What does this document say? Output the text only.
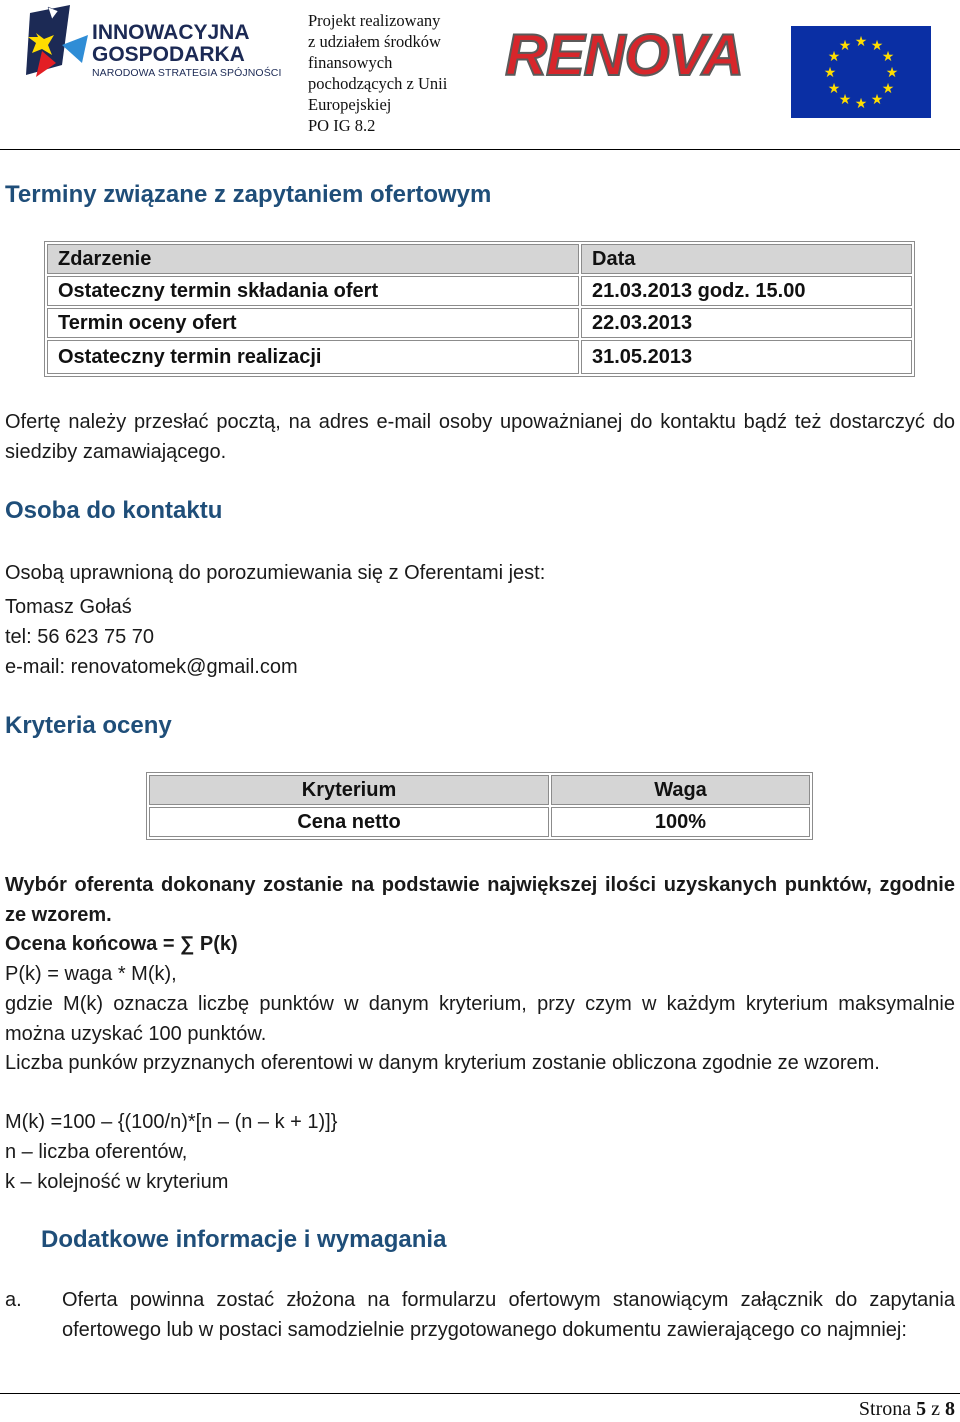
INNOWACYJNA
GOSPODARKA
NARODOWA STRATEGIA SPÓJNOŚCI
Projekt realizowany
z udziałem środków
finansowych
pochodzących z Unii
Europejskiej
PO IG 8.2
RENOVA	★ ★
★
★
★
★
★
★
★
★
★
★
Terminy związane z zapytaniem ofertowym
Zdarzenie	Data
Ostateczny termin składania ofert	21.03.2013 godz. 15.00
Termin oceny ofert	22.03.2013
Ostateczny termin realizacji	31.05.2013
Ofertę należy przesłać pocztą, na adres e-mail osoby upoważnianej do kontaktu bądź też dostarczyć do siedziby zamawiającego.
Osoba do kontaktu
Osobą uprawnioną do porozumiewania się z Oferentami jest:
Tomasz Gołaś
tel: 56 623 75 70
e-mail: renovatomek@gmail.com
Kryteria oceny
Kryterium	Waga
Cena netto	100%
Wybór oferenta dokonany zostanie na podstawie największej ilości uzyskanych punktów, zgodnie ze wzorem.
Ocena końcowa = ∑ P(k)
P(k) = waga * M(k),
gdzie M(k) oznacza liczbę punktów w danym kryterium, przy czym w każdym kryterium maksymalnie można uzyskać 100 punktów.
Liczba punków przyznanych oferentowi w danym kryterium zostanie obliczona zgodnie ze wzorem.
M(k) =100 – {(100/n)*[n – (n – k + 1)]}
n – liczba oferentów,
k – kolejność w kryterium
Dodatkowe informacje i wymagania
a.	Oferta powinna zostać złożona na formularzu ofertowym stanowiącym załącznik do zapytania ofertowego lub w postaci samodzielnie przygotowanego dokumentu zawierającego co najmniej:
Strona 5 z 8
